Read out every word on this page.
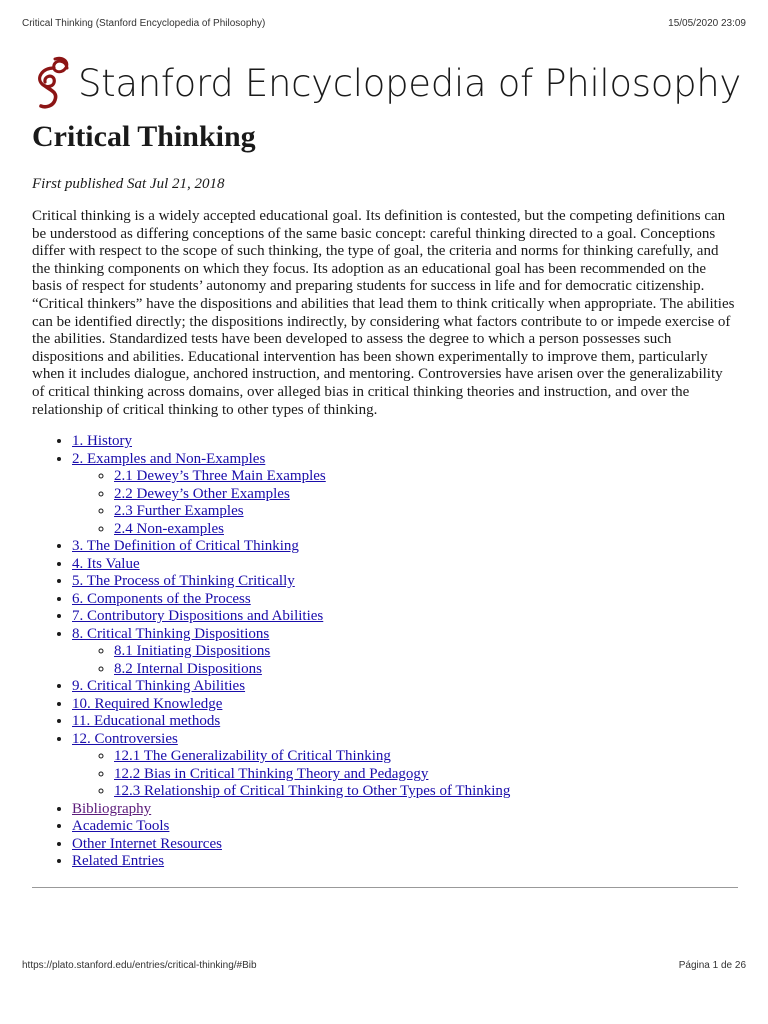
Critical Thinking (Stanford Encyclopedia of Philosophy)	15/05/2020 23:09
Stanford Encyclopedia of Philosophy
Critical Thinking

First published Sat Jul 21, 2018

Critical thinking is a widely accepted educational goal. Its definition is contested, but the competing definitions can be understood as differing conceptions of the same basic concept: careful thinking directed to a goal. Conceptions differ with respect to the scope of such thinking, the type of goal, the criteria and norms for thinking carefully, and the thinking components on which they focus. Its adoption as an educational goal has been recommended on the basis of respect for students’ autonomy and preparing students for success in life and for democratic citizenship. “Critical thinkers” have the dispositions and abilities that lead them to think critically when appropriate. The abilities can be identified directly; the dispositions indirectly, by considering what factors contribute to or impede exercise of the abilities. Standardized tests have been developed to assess the degree to which a person possesses such dispositions and abilities. Educational intervention has been shown experimentally to improve them, particularly when it includes dialogue, anchored instruction, and mentoring. Controversies have arisen over the generalizability of critical thinking across domains, over alleged bias in critical thinking theories and instruction, and over the relationship of critical thinking to other types of thinking.

• 1. History
• 2. Examples and Non-Examples
◦ 2.1 Dewey’s Three Main Examples
◦ 2.2 Dewey’s Other Examples
◦ 2.3 Further Examples
◦ 2.4 Non-examples
• 3. The Definition of Critical Thinking
• 4. Its Value
• 5. The Process of Thinking Critically
• 6. Components of the Process
• 7. Contributory Dispositions and Abilities
• 8. Critical Thinking Dispositions
◦ 8.1 Initiating Dispositions
◦ 8.2 Internal Dispositions
• 9. Critical Thinking Abilities
• 10. Required Knowledge
• 11. Educational methods
• 12. Controversies
◦ 12.1 The Generalizability of Critical Thinking
◦ 12.2 Bias in Critical Thinking Theory and Pedagogy
◦ 12.3 Relationship of Critical Thinking to Other Types of Thinking
• Bibliography
• Academic Tools
• Other Internet Resources
• Related Entries
https://plato.stanford.edu/entries/critical-thinking/#Bib	Página 1 de 26
